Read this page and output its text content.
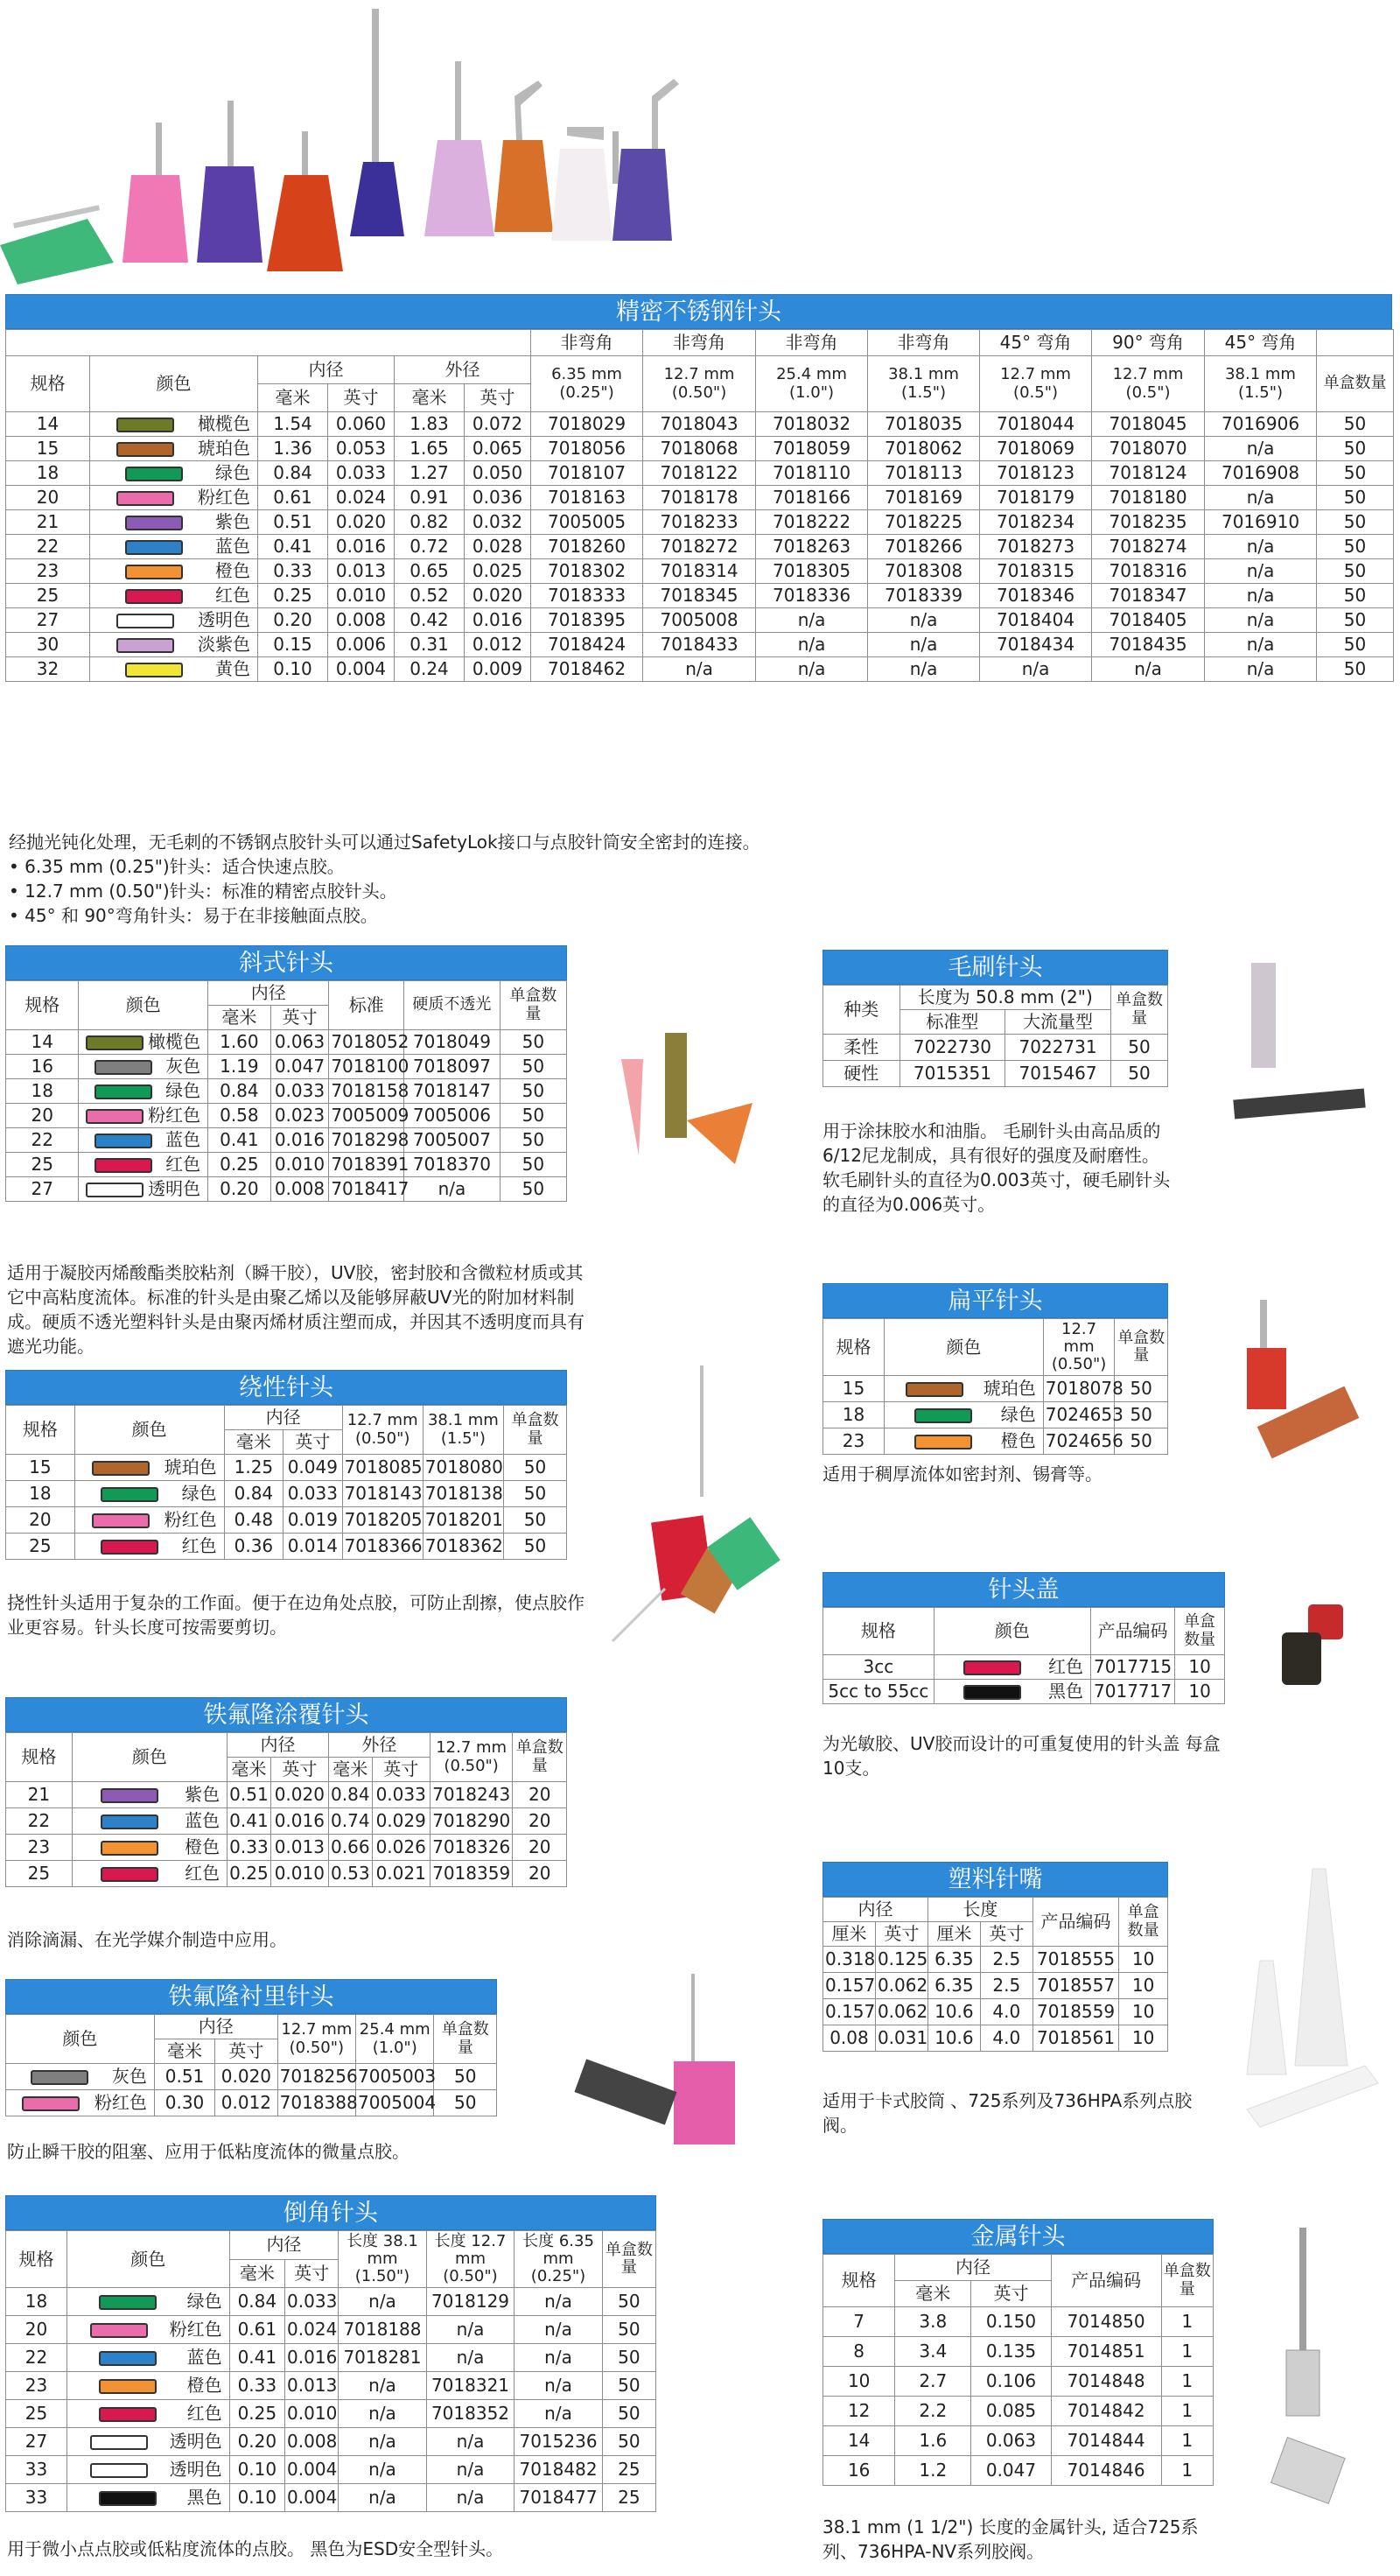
精密不锈钢针头
						非弯角	非弯角	非弯角	非弯角	45° 弯角	90° 弯角	45° 弯角	
规格	颜色	内径		外径		6.35 mm (0.25")	12.7 mm (0.50")	25.4 mm (1.0")	38.1 mm (1.5")	12.7 mm (0.5")	12.7 mm (0.5")	38.1 mm (1.5")	单盒数量
		毫米	英寸	毫米	英寸								
14	橄榄色	1.54	0.060	1.83	0.072	7018029	7018043	7018032	7018035	7018044	7018045	7016906	50
15	琥珀色	1.36	0.053	1.65	0.065	7018056	7018068	7018059	7018062	7018069	7018070	n/a	50
18	绿色	0.84	0.033	1.27	0.050	7018107	7018122	7018110	7018113	7018123	7018124	7016908	50
20	粉红色	0.61	0.024	0.91	0.036	7018163	7018178	7018166	7018169	7018179	7018180	n/a	50
21	紫色	0.51	0.020	0.82	0.032	7005005	7018233	7018222	7018225	7018234	7018235	7016910	50
22	蓝色	0.41	0.016	0.72	0.028	7018260	7018272	7018263	7018266	7018273	7018274	n/a	50
23	橙色	0.33	0.013	0.65	0.025	7018302	7018314	7018305	7018308	7018315	7018316	n/a	50
25	红色	0.25	0.010	0.52	0.020	7018333	7018345	7018336	7018339	7018346	7018347	n/a	50
27	透明色	0.20	0.008	0.42	0.016	7018395	7005008	n/a	n/a	7018404	7018405	n/a	50
30	淡紫色	0.15	0.006	0.31	0.012	7018424	7018433	n/a	n/a	7018434	7018435	n/a	50
32	黄色	0.10	0.004	0.24	0.009	7018462	n/a	n/a	n/a	n/a	n/a	n/a	50

经抛光钝化处理，无毛刺的不锈钢点胶针头可以通过SafetyLok接口与点胶针筒安全密封的连接。

• 6.35 mm (0.25")针头：适合快速点胶。

• 12.7 mm (0.50")针头：标准的精密点胶针头。

• 45° 和 90°弯角针头：易于在非接触面点胶。

斜式针头
规格	颜色	内径		标准	硬质不透光	单盒数量
		毫米	英寸			
14	橄榄色	1.60	0.063	7018052	7018049	50
16	灰色	1.19	0.047	7018100	7018097	50
18	绿色	0.84	0.033	7018158	7018147	50
20	粉红色	0.58	0.023	7005009	7005006	50
22	蓝色	0.41	0.016	7018298	7005007	50
25	红色	0.25	0.010	7018391	7018370	50
27	透明色	0.20	0.008	7018417	n/a	50
适用于凝胶丙烯酸酯类胶粘剂（瞬干胶），UV胶，密封胶和含微粒材质或其它中高粘度流体。标准的针头是由聚乙烯以及能够屏蔽UV光的附加材料制成。硬质不透光塑料针头是由聚丙烯材质注塑而成，并因其不透明度而具有遮光功能。
绕性针头
规格	颜色	内径		12.7 mm (0.50")	38.1 mm (1.5")	单盒数量
		毫米	英寸			
15	琥珀色	1.25	0.049	7018085	7018080	50
18	绿色	0.84	0.033	7018143	7018138	50
20	粉红色	0.48	0.019	7018205	7018201	50
25	红色	0.36	0.014	7018366	7018362	50
挠性针头适用于复杂的工作面。便于在边角处点胶，可防止刮擦，使点胶作业更容易。针头长度可按需要剪切。
铁氟隆涂覆针头
规格	颜色	内径		外径		12.7 mm (0.50")	单盒数量
		毫米	英寸	毫米	英寸		
21	紫色	0.51	0.020	0.84	0.033	7018243	20
22	蓝色	0.41	0.016	0.74	0.029	7018290	20
23	橙色	0.33	0.013	0.66	0.026	7018326	20
25	红色	0.25	0.010	0.53	0.021	7018359	20
消除滴漏、在光学媒介制造中应用。
铁氟隆衬里针头
颜色	内径		12.7 mm (0.50")	25.4 mm (1.0")	单盒数量
	毫米	英寸			

灰色	0.51	0.020	7018256	7005003	50

粉红色	0.30	0.012	7018388	7005004	50
防止瞬干胶的阻塞、应用于低粘度流体的微量点胶。
倒角针头
规格	颜色	内径		长度 38.1 mm (1.50")	长度 12.7 mm (0.50")	长度 6.35 mm (0.25")	单盒数量
		毫米	英寸				
18	绿色	0.84	0.033	n/a	7018129	n/a	50
20	粉红色	0.61	0.024	7018188	n/a	n/a	50
22	蓝色	0.41	0.016	7018281	n/a	n/a	50
23	橙色	0.33	0.013	n/a	7018321	n/a	50
25	红色	0.25	0.010	n/a	7018352	n/a	50
27	透明色	0.20	0.008	n/a	n/a	7015236	50
33	透明色	0.10	0.004	n/a	n/a	7018482	25
33	黑色	0.10	0.004	n/a	n/a	7018477	25
用于微小点点胶或低粘度流体的点胶。 黑色为ESD安全型针头。
毛刷针头
种类	长度为 50.8 mm (2")		单盒数量
	标准型	大流量型	
柔性	7022730	7022731	50
硬性	7015351	7015467	50
用于涂抹胶水和油脂。 毛刷针头由高品质的6/12尼龙制成，具有很好的强度及耐磨性。软毛刷针头的直径为0.003英寸，硬毛刷针头的直径为0.006英寸。
扁平针头
规格	颜色	12.7 mm (0.50")	单盒数量
15	琥珀色	7018078	50
18	绿色	7024653	50
23	橙色	7024656	50
适用于稠厚流体如密封剂、锡膏等。
针头盖
规格	颜色	产品编码	单盒数量
3cc	红色	7017715	10
5cc to 55cc	黑色	7017717	10
为光敏胶、UV胶而设计的可重复使用的针头盖 每盒10支。
塑料针嘴
内径		长度		产品编码	单盒数量
厘米	英寸	厘米	英寸		
0.318	0.125	6.35	2.5	7018555	10
0.157	0.062	6.35	2.5	7018557	10
0.157	0.062	10.6	4.0	7018559	10
0.08	0.031	10.6	4.0	7018561	10
适用于卡式胶筒 、725系列及736HPA系列点胶阀。
金属针头
规格	内径		产品编码	单盒数量
	毫米	英寸		
7	3.8	0.150	7014850	1
8	3.4	0.135	7014851	1
10	2.7	0.106	7014848	1
12	2.2	0.085	7014842	1
14	1.6	0.063	7014844	1
16	1.2	0.047	7014846	1
38.1 mm (1 1/2") 长度的金属针头, 适合725系列、736HPA-NV系列胶阀。
